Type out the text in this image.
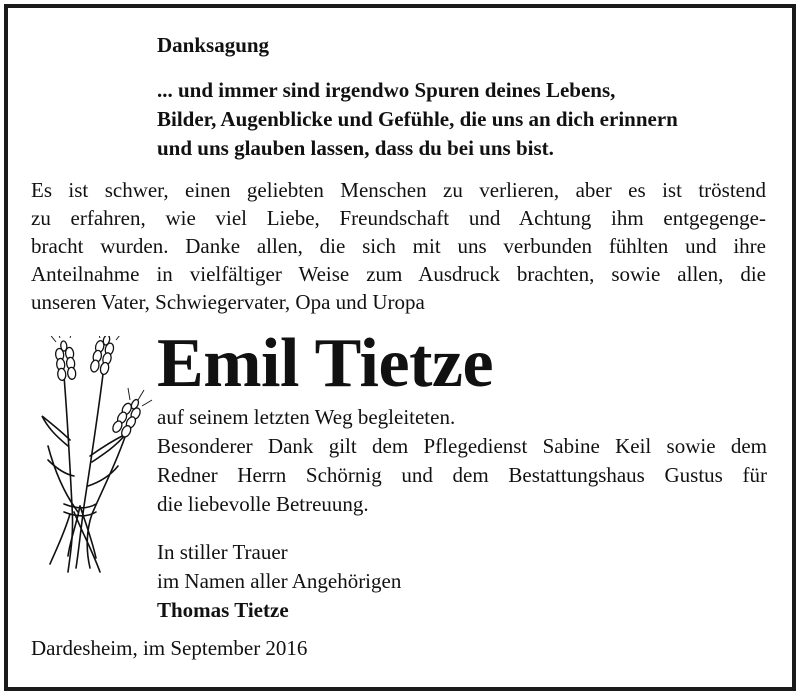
Danksagung
... und immer sind irgendwo Spuren deines Lebens,
Bilder, Augenblicke und Gefühle, die uns an dich erinnern
und uns glauben lassen, dass du bei uns bist.
Es ist schwer, einen geliebten Menschen zu verlieren, aber es ist tröstend
zu erfahren, wie viel Liebe, Freundschaft und Achtung ihm entgegenge-
bracht wurden. Danke allen, die sich mit uns verbunden fühlten und ihre
Anteilnahme in vielfältiger Weise zum Ausdruck brachten, sowie allen, die
unseren Vater, Schwiegervater, Opa und Uropa
Emil Tietze
auf seinem letzten Weg begleiteten.
Besonderer Dank gilt dem Pflegedienst Sabine Keil sowie dem
Redner Herrn Schörnig und dem Bestattungshaus Gustus für
die liebevolle Betreuung.
In stiller Trauer
im Namen aller Angehörigen
Thomas Tietze
Dardesheim, im September 2016
